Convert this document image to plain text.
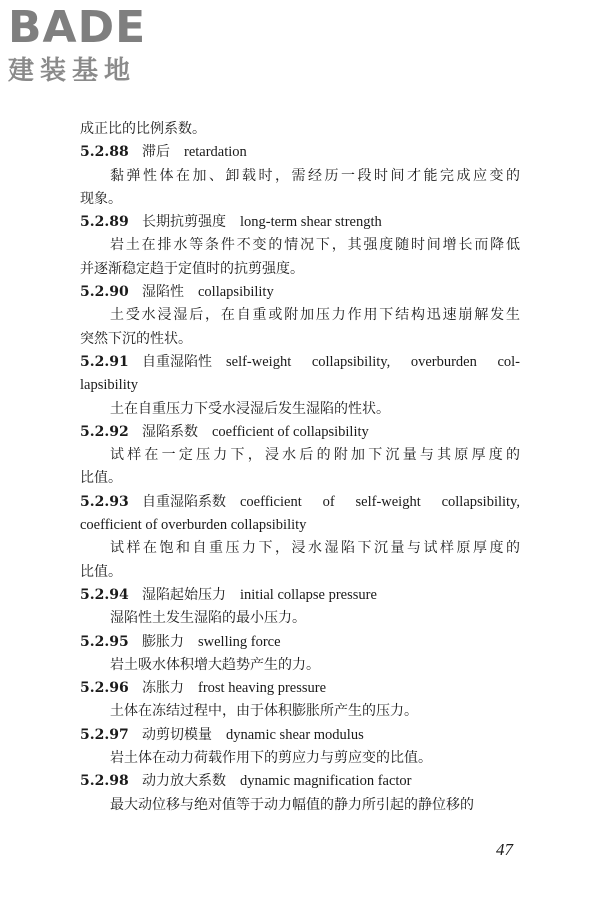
BADE
建装基地
成正比的比例系数。
5.2.88 滞后 retardation
黏弹性体在加、卸载时，需经历一段时间才能完成应变的
现象。
5.2.89 长期抗剪强度 long-term shear strength
岩土在排水等条件不变的情况下，其强度随时间增长而降低
并逐渐稳定趋于定值时的抗剪强度。
5.2.90 湿陷性 collapsibility
土受水浸湿后，在自重或附加压力作用下结构迅速崩解发生
突然下沉的性状。
5.2.91 自重湿陷性 self-weight collapsibility, overburden col-
lapsibility
土在自重压力下受水浸湿后发生湿陷的性状。
5.2.92 湿陷系数 coefficient of collapsibility
试样在一定压力下，浸水后的附加下沉量与其原厚度的
比值。
5.2.93 自重湿陷系数 coefficient of self-weight collapsibility,
coefficient of overburden collapsibility
试样在饱和自重压力下，浸水湿陷下沉量与试样原厚度的
比值。
5.2.94 湿陷起始压力 initial collapse pressure
湿陷性土发生湿陷的最小压力。
5.2.95 膨胀力 swelling force
岩土吸水体积增大趋势产生的力。
5.2.96 冻胀力 frost heaving pressure
土体在冻结过程中，由于体积膨胀所产生的压力。
5.2.97 动剪切模量 dynamic shear modulus
岩土体在动力荷载作用下的剪应力与剪应变的比值。
5.2.98 动力放大系数 dynamic magnification factor
最大动位移与绝对值等于动力幅值的静力所引起的静位移的
47
